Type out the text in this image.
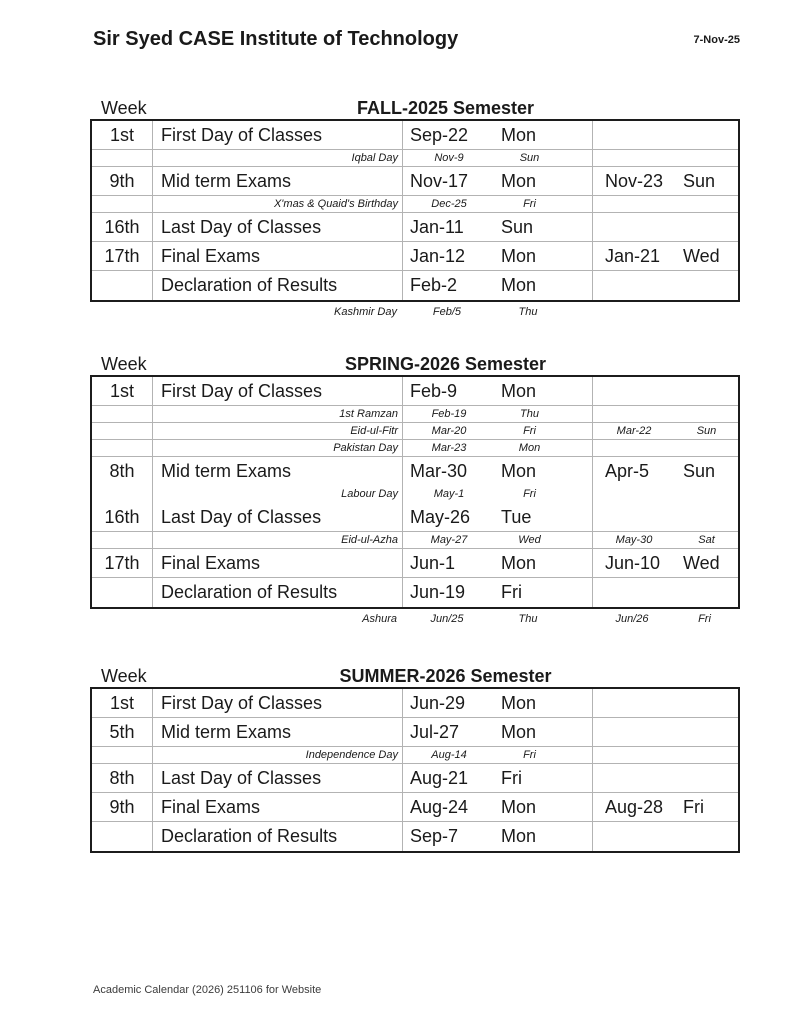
Sir Syed CASE Institute of Technology	7-Nov-25
Week	FALL-2025 Semester
1st	First Day of Classes	Sep-22	Mon
Iqbal Day	Nov-9	Sun
9th	Mid term Exams	Nov-17	Mon	Nov-23	Sun
X'mas & Quaid's Birthday	Dec-25	Fri
16th	Last Day of Classes	Jan-11	Sun
17th	Final Exams	Jan-12	Mon	Jan-21	Wed
Declaration of Results	Feb-2	Mon
Kashmir Day	Feb/5	Thu
Week	SPRING-2026 Semester
1st	First Day of Classes	Feb-9	Mon
1st Ramzan	Feb-19	Thu
Eid-ul-Fitr	Mar-20	Fri	Mar-22	Sun
Pakistan Day	Mar-23	Mon
8th	Mid term Exams	Mar-30	Mon	Apr-5	Sun
Labour Day	May-1	Fri
16th	Last Day of Classes	May-26	Tue
Eid-ul-Azha	May-27	Wed	May-30	Sat
17th	Final Exams	Jun-1	Mon	Jun-10	Wed
Declaration of Results	Jun-19	Fri
Ashura	Jun/25	Thu	Jun/26	Fri
Week	SUMMER-2026 Semester
1st	First Day of Classes	Jun-29	Mon
5th	Mid term Exams	Jul-27	Mon
Independence Day	Aug-14	Fri
8th	Last Day of Classes	Aug-21	Fri
9th	Final Exams	Aug-24	Mon	Aug-28	Fri
Declaration of Results	Sep-7	Mon
Academic Calendar (2026) 251106 for Website
